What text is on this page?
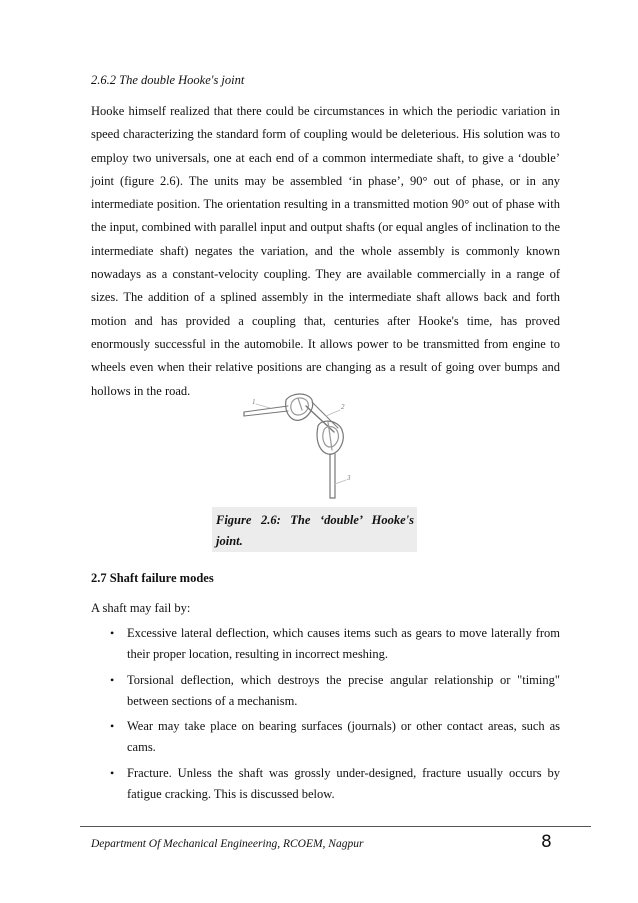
2.6.2 The double Hooke's joint

Hooke himself realized that there could be circumstances in which the periodic variation in speed characterizing the standard form of coupling would be deleterious. His solution was to employ two universals, one at each end of a common intermediate shaft, to give a ‘double’ joint (figure 2.6). The units may be assembled ‘in phase’, 90° out of phase, or in any intermediate position. The orientation resulting in a transmitted motion 90° out of phase with the input, combined with parallel input and output shafts (or equal angles of inclination to the intermediate shaft) negates the variation, and the whole assembly is commonly known nowadays as a constant-velocity coupling. They are available commercially in a range of sizes. The addition of a splined assembly in the intermediate shaft allows back and forth motion and has provided a coupling that, centuries after Hooke's time, has proved enormously successful in the automobile. It allows power to be transmitted from engine to wheels even when their relative positions are changing as a result of going over bumps and hollows in the road.

1
2
3

Figure 2.6: The ‘double’ Hooke's joint.

2.7 Shaft failure modes
A shaft may fail by:
• Excessive lateral deflection, which causes items such as gears to move laterally from their proper location, resulting in incorrect meshing.
• Torsional deflection, which destroys the precise angular relationship or "timing" between sections of a mechanism.
• Wear may take place on bearing surfaces (journals) or other contact areas, such as cams.
• Fracture. Unless the shaft was grossly under-designed, fracture usually occurs by fatigue cracking. This is discussed below.
Department Of Mechanical Engineering, RCOEM, Nagpur	8
